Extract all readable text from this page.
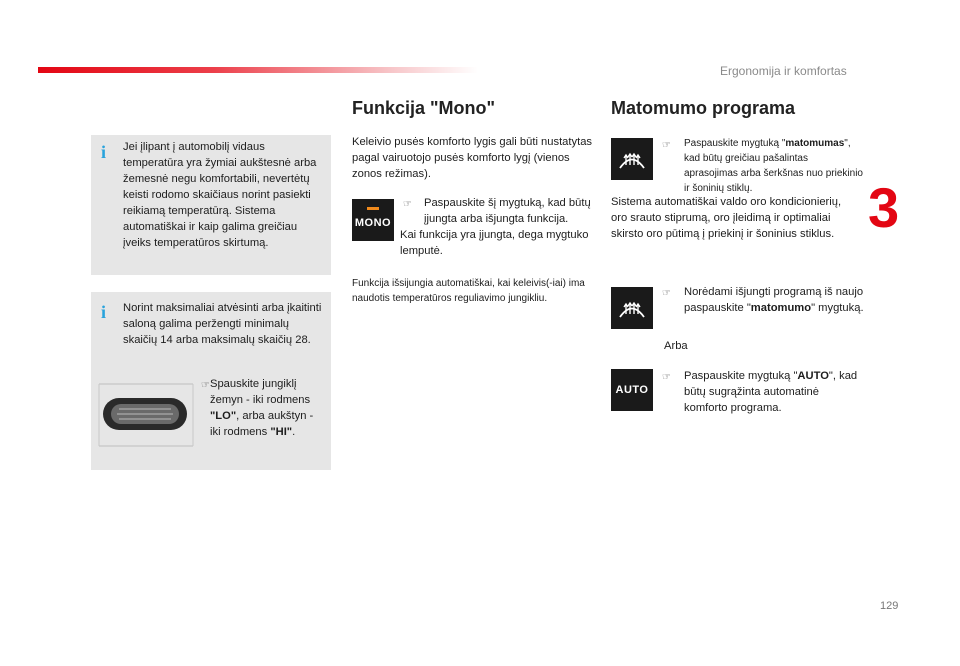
Ergonomija ir komfortas
3
129
i Jei įlipant į automobilį vidaus temperatūra yra žymiai aukštesnė arba žemesnė negu komfortabili, nevertėtų keisti rodomo skaičiaus norint pasiekti reikiamą temperatūrą. Sistema automatiškai ir kaip galima greičiau įveiks temperatūros skirtumą.
i Norint maksimaliai atvėsinti arba įkaitinti saloną galima peržengti minimalų skaičių 14 arba maksimalų skaičių 28.
☞ Spauskite jungiklį žemyn - iki rodmens "LO", arba aukštyn - iki rodmens "HI".
Funkcija "Mono"
Keleivio pusės komforto lygis gali būti nustatytas pagal vairuotojo pusės komforto lygį (vienos zonos režimas).
MONO
☞ Paspauskite šį mygtuką, kad būtų įjungta arba išjungta funkcija.
Kai funkcija yra įjungta, dega mygtuko lemputė.
Funkcija išsijungia automatiškai, kai keleivis(-iai) ima naudotis temperatūros reguliavimo jungikliu.
Matomumo programa
☞ Paspauskite mygtuką "matomumas", kad būtų greičiau pašalintas aprasojimas arba šerkšnas nuo priekinio ir šoninių stiklų.
Sistema automatiškai valdo oro kondicionierių, oro srauto stiprumą, oro įleidimą ir optimaliai skirsto oro pūtimą į priekinį ir šoninius stiklus.
☞ Norėdami išjungti programą iš naujo paspauskite "matomumo" mygtuką.
Arba
AUTO
☞ Paspauskite mygtuką "AUTO", kad būtų sugrąžinta automatinė komforto programa.
